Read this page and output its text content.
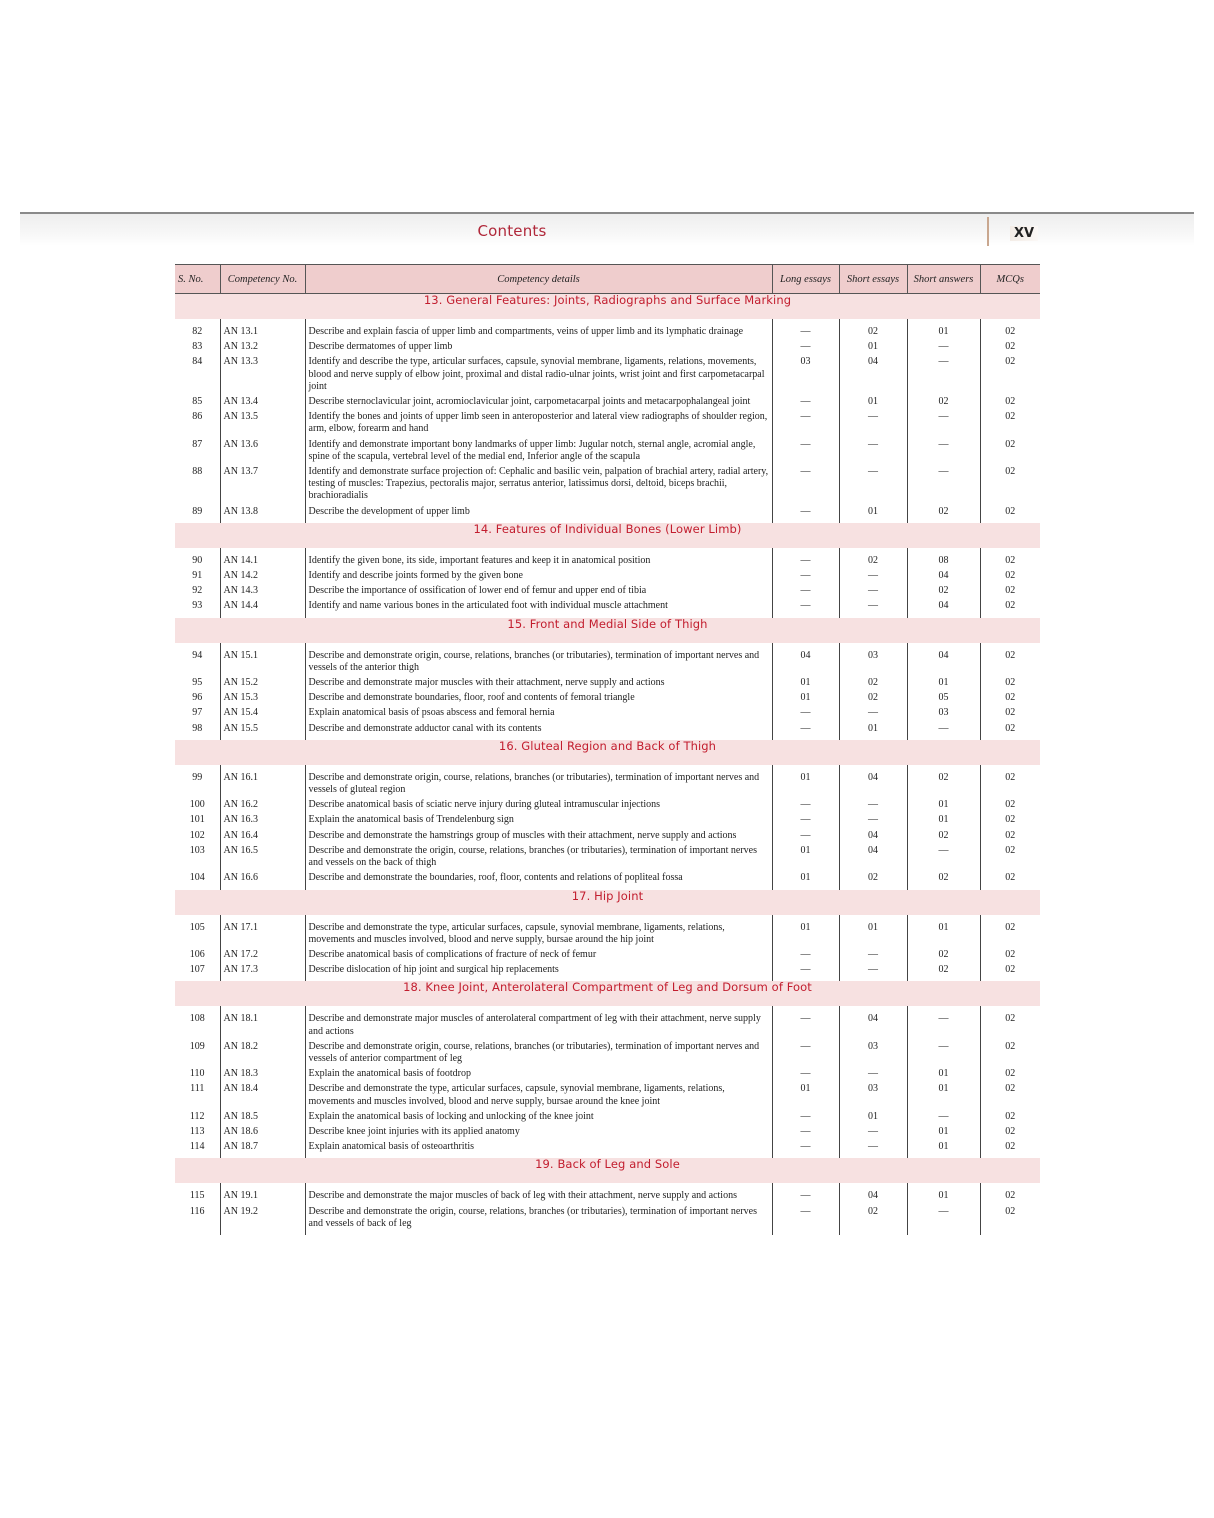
Contents	XV
S. No.	Competency No.	Competency details	Long essays	Short essays	Short answers	MCQs
13. General Features: Joints, Radiographs and Surface Marking						

82	AN 13.1	Describe and explain fascia of upper limb and compartments, veins of upper limb and its lymphatic drainage	—	02	01	02
83	AN 13.2	Describe dermatomes of upper limb	—	01	—	02
84	AN 13.3	Identify and describe the type, articular surfaces, capsule, synovial membrane, ligaments, relations, movements, blood and nerve supply of elbow joint, proximal and distal radio-ulnar joints, wrist joint and first carpometacarpal joint	03	04	—	02
85	AN 13.4	Describe sternoclavicular joint, acromioclavicular joint, carpometacarpal joints and metacarpophalangeal joint	—	01	02	02
86	AN 13.5	Identify the bones and joints of upper limb seen in anteroposterior and lateral view radiographs of shoulder region, arm, elbow, forearm and hand	—	—	—	02
87	AN 13.6	Identify and demonstrate important bony landmarks of upper limb: Jugular notch, sternal angle, acromial angle, spine of the scapula, vertebral level of the medial end, Inferior angle of the scapula	—	—	—	02
88	AN 13.7	Identify and demonstrate surface projection of: Cephalic and basilic vein, palpation of brachial artery, radial artery, testing of muscles: Trapezius, pectoralis major, serratus anterior, latissimus dorsi, deltoid, biceps brachii, brachioradialis	—	—	—	02
89	AN 13.8	Describe the development of upper limb	—	01	02	02

14. Features of Individual Bones (Lower Limb)						

90	AN 14.1	Identify the given bone, its side, important features and keep it in anatomical position	—	02	08	02
91	AN 14.2	Identify and describe joints formed by the given bone	—	—	04	02
92	AN 14.3	Describe the importance of ossification of lower end of femur and upper end of tibia	—	—	02	02
93	AN 14.4	Identify and name various bones in the articulated foot with individual muscle attachment	—	—	04	02

15. Front and Medial Side of Thigh						

94	AN 15.1	Describe and demonstrate origin, course, relations, branches (or tributaries), termination of important nerves and vessels of the anterior thigh	04	03	04	02
95	AN 15.2	Describe and demonstrate major muscles with their attachment, nerve supply and actions	01	02	01	02
96	AN 15.3	Describe and demonstrate boundaries, floor, roof and contents of femoral triangle	01	02	05	02
97	AN 15.4	Explain anatomical basis of psoas abscess and femoral hernia	—	—	03	02
98	AN 15.5	Describe and demonstrate adductor canal with its contents	—	01	—	02

16. Gluteal Region and Back of Thigh						

99	AN 16.1	Describe and demonstrate origin, course, relations, branches (or tributaries), termination of important nerves and vessels of gluteal region	01	04	02	02
100	AN 16.2	Describe anatomical basis of sciatic nerve injury during gluteal intramuscular injections	—	—	01	02
101	AN 16.3	Explain the anatomical basis of Trendelenburg sign	—	—	01	02
102	AN 16.4	Describe and demonstrate the hamstrings group of muscles with their attachment, nerve supply and actions	—	04	02	02
103	AN 16.5	Describe and demonstrate the origin, course, relations, branches (or tributaries), termination of important nerves and vessels on the back of thigh	01	04	—	02
104	AN 16.6	Describe and demonstrate the boundaries, roof, floor, contents and relations of popliteal fossa	01	02	02	02

17. Hip Joint						

105	AN 17.1	Describe and demonstrate the type, articular surfaces, capsule, synovial membrane, ligaments, relations, movements and muscles involved, blood and nerve supply, bursae around the hip joint	01	01	01	02
106	AN 17.2	Describe anatomical basis of complications of fracture of neck of femur	—	—	02	02
107	AN 17.3	Describe dislocation of hip joint and surgical hip replacements	—	—	02	02

18. Knee Joint, Anterolateral Compartment of Leg and Dorsum of Foot						

108	AN 18.1	Describe and demonstrate major muscles of anterolateral compartment of leg with their attachment, nerve supply and actions	—	04	—	02
109	AN 18.2	Describe and demonstrate origin, course, relations, branches (or tributaries), termination of important nerves and vessels of anterior compartment of leg	—	03	—	02
110	AN 18.3	Explain the anatomical basis of footdrop	—	—	01	02
111	AN 18.4	Describe and demonstrate the type, articular surfaces, capsule, synovial membrane, ligaments, relations, movements and muscles involved, blood and nerve supply, bursae around the knee joint	01	03	01	02
112	AN 18.5	Explain the anatomical basis of locking and unlocking of the knee joint	—	01	—	02
113	AN 18.6	Describe knee joint injuries with its applied anatomy	—	—	01	02
114	AN 18.7	Explain anatomical basis of osteoarthritis	—	—	01	02

19. Back of Leg and Sole						

115	AN 19.1	Describe and demonstrate the major muscles of back of leg with their attachment, nerve supply and actions	—	04	01	02
116	AN 19.2	Describe and demonstrate the origin, course, relations, branches (or tributaries), termination of important nerves and vessels of back of leg	—	02	—	02
